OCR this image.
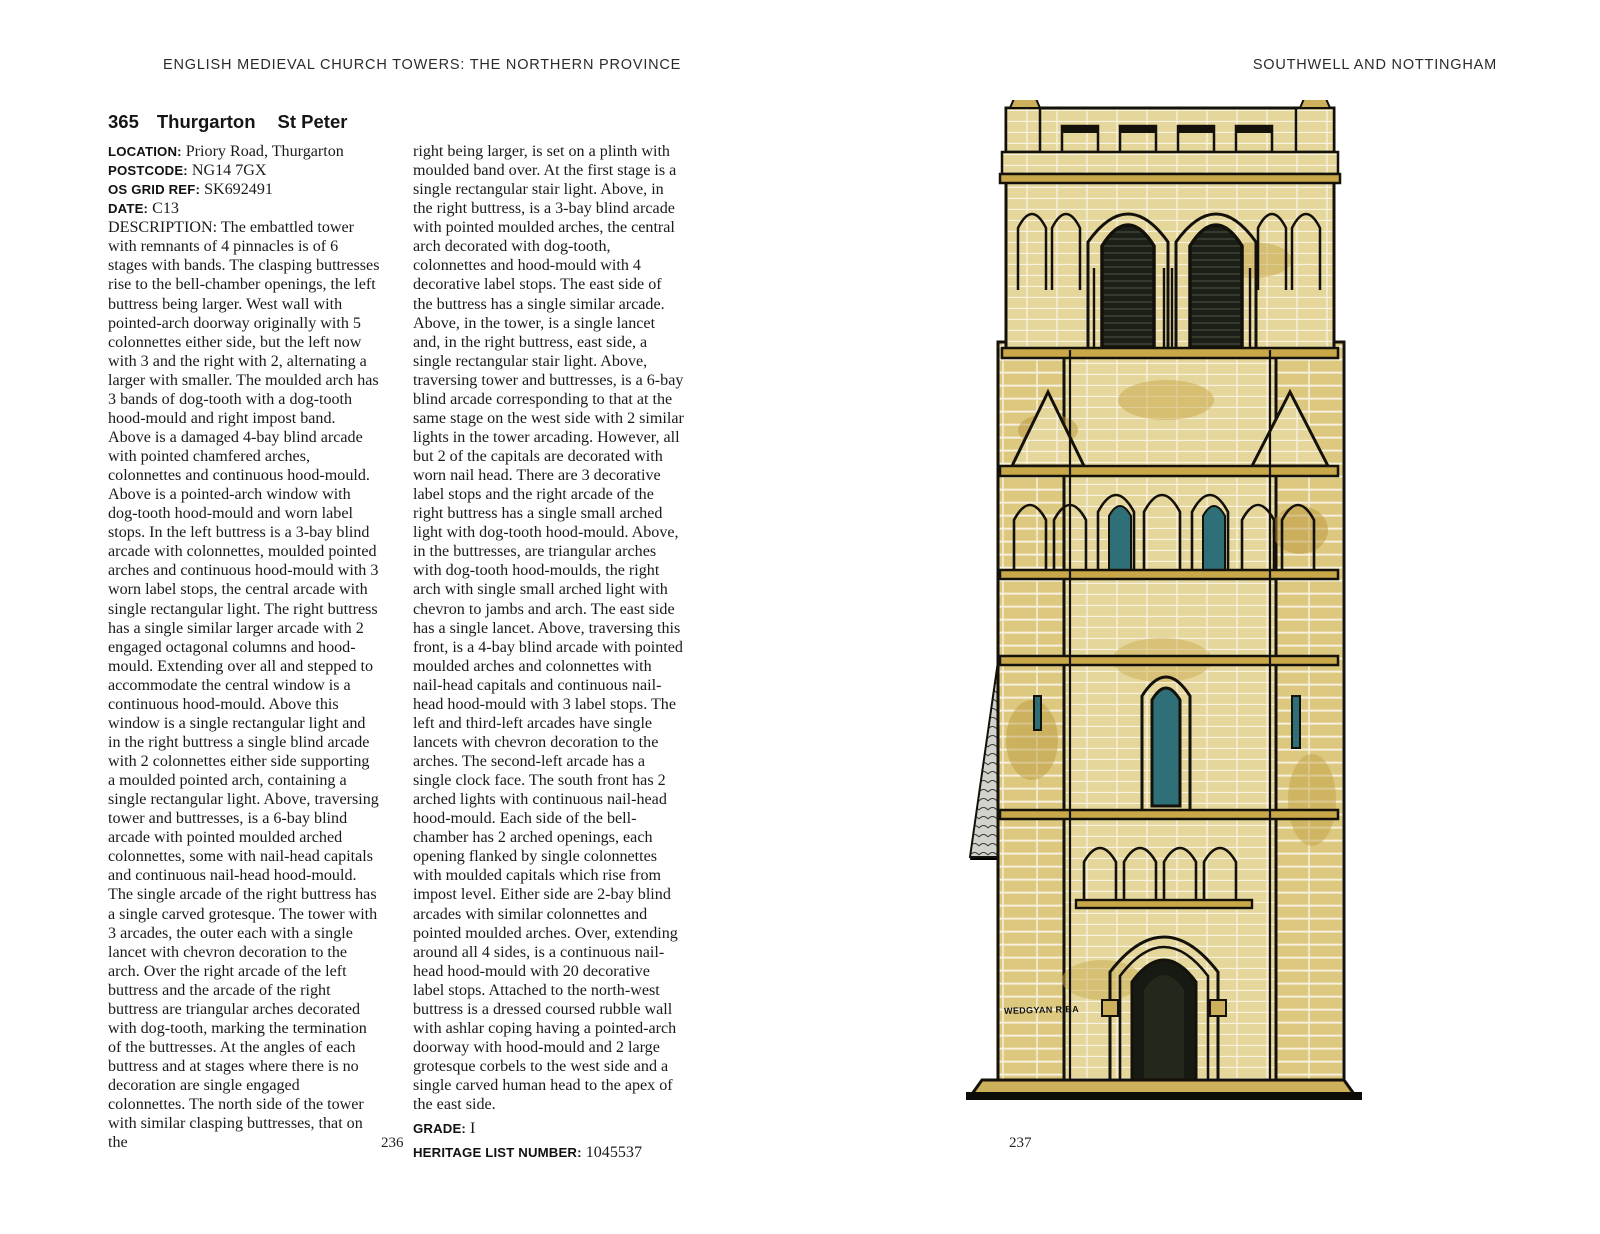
ENGLISH MEDIEVAL CHURCH TOWERS: THE NORTHERN PROVINCE
365 Thurgarton St Peter

LOCATION: Priory Road, Thurgarton

POSTCODE: NG14 7GX

OS GRID REF: SK692491

DATE: C13

DESCRIPTION: The embattled tower with remnants of 4 pinnacles is of 6 stages with bands. The clasping buttresses rise to the bell-chamber openings, the left buttress being larger. West wall with pointed-arch doorway originally with 5 colonnettes either side, but the left now with 3 and the right with 2, alternating a larger with smaller. The moulded arch has 3 bands of dog-tooth with a dog-tooth hood-mould and right impost band. Above is a damaged 4-bay blind arcade with pointed chamfered arches, colonnettes and continuous hood-mould. Above is a pointed-arch window with dog-tooth hood-mould and worn label stops. In the left buttress is a 3-bay blind arcade with colonnettes, moulded pointed arches and continuous hood-mould with 3 worn label stops, the central arcade with single rectangular light. The right buttress has a single similar larger arcade with 2 engaged octagonal columns and hood-mould. Extending over all and stepped to accommodate the central window is a continuous hood-mould. Above this window is a single rectangular light and in the right buttress a single blind arcade with 2 colonnettes either side supporting a moulded pointed arch, containing a single rectangular light. Above, traversing tower and buttresses, is a 6-bay blind arcade with pointed moulded arched colonnettes, some with nail-head capitals and continuous nail-head hood-mould. The single arcade of the right buttress has a single carved grotesque. The tower with 3 arcades, the outer each with a single lancet with chevron decoration to the arch. Over the right arcade of the left buttress and the arcade of the right buttress are triangular arches decorated with dog-tooth, marking the termination of the buttresses. At the angles of each buttress and at stages where there is no decoration are single engaged colonnettes. The north side of the tower with similar clasping buttresses, that on the

right being larger, is set on a plinth with moulded band over. At the first stage is a single rectangular stair light. Above, in the right buttress, is a 3-bay blind arcade with pointed moulded arches, the central arch decorated with dog-tooth, colonnettes and hood-mould with 4 decorative label stops. The east side of the buttress has a single similar arcade. Above, in the tower, is a single lancet and, in the right buttress, east side, a single rectangular stair light. Above, traversing tower and buttresses, is a 6-bay blind arcade corresponding to that at the same stage on the west side with 2 similar lights in the tower arcading. However, all but 2 of the capitals are decorated with worn nail head. There are 3 decorative label stops and the right arcade of the right buttress has a single small arched light with dog-tooth hood-mould. Above, in the buttresses, are triangular arches with dog-tooth hood-moulds, the right arch with single small arched light with chevron to jambs and arch. The east side has a single lancet. Above, traversing this front, is a 4-bay blind arcade with pointed moulded arches and colonnettes with nail-head capitals and continuous nail-head hood-mould with 3 label stops. The left and third-left arcades have single lancets with chevron decoration to the arches. The second-left arcade has a single clock face. The south front has 2 arched lights with continuous nail-head hood-mould. Each side of the bell-chamber has 2 arched openings, each opening flanked by single colonnettes with moulded capitals which rise from impost level. Either side are 2-bay blind arcades with similar colonnettes and pointed moulded arches. Over, extending around all 4 sides, is a continuous nail-head hood-mould with 20 decorative label stops. Attached to the north-west buttress is a dressed coursed rubble wall with ashlar coping having a pointed-arch doorway with hood-mould and 2 large grotesque corbels to the west side and a single carved human head to the apex of the east side.

GRADE: I

HERITAGE LIST NUMBER: 1045537

236
SOUTHWELL AND NOTTINGHAM
237
WEDGYAN RIBA
